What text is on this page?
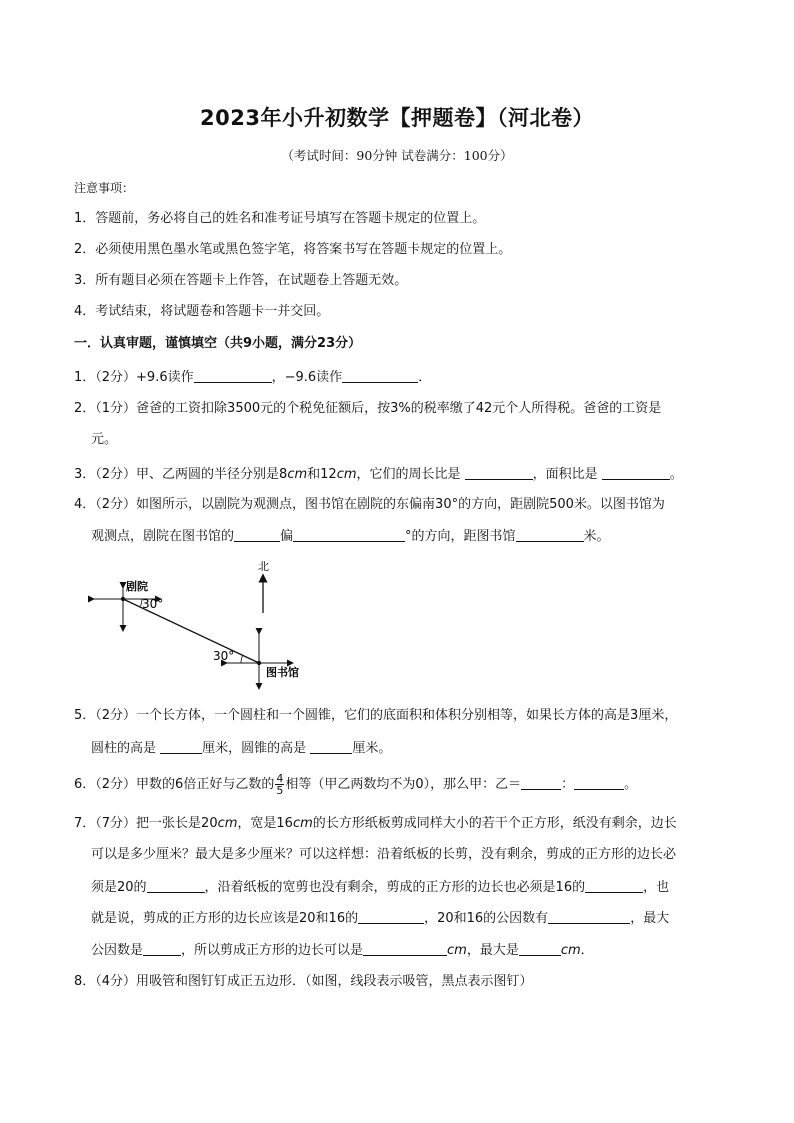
2023年小升初数学【押题卷】（河北卷）
（考试时间：90分钟 试卷满分：100分）
注意事项：
1．答题前，务必将自己的姓名和准考证号填写在答题卡规定的位置上。
2．必须使用黑色墨水笔或黑色签字笔，将答案书写在答题卡规定的位置上。
3．所有题目必须在答题卡上作答，在试题卷上答题无效。
4．考试结束，将试题卷和答题卡一并交回。
一．认真审题，谨慎填空（共9小题，满分23分）
1．（2分）+9.6读作	，−9.6读作	．
2．（1分）爸爸的工资扣除3500元的个税免征额后，按3%的税率缴了42元个人所得税。爸爸的工资是
元。
3．（2分）甲、乙两圆的半径分别是8cm和12cm，它们的周长比是	，面积比是	。
4．（2分）如图所示，以剧院为观测点，图书馆在剧院的东偏南30°的方向，距剧院500米。以图书馆为
观测点，剧院在图书馆的	偏	°的方向，距图书馆	米。
北
剧院
30°
图书馆
30°
5．（2分）一个长方体，一个圆柱和一个圆锥，它们的底面积和体积分别相等，如果长方体的高是3厘米，
圆柱的高是	厘米，圆锥的高是	厘米。
6．（2分）甲数的6倍正好与乙数的 $\frac{4}{5}$ 相等（甲乙两数均不为0），那么甲：乙＝	：	。
7．（7分）把一张长是20cm，宽是16cm的长方形纸板剪成同样大小的若干个正方形，纸没有剩余，边长
可以是多少厘米？最大是多少厘米？可以这样想：沿着纸板的长剪，没有剩余，剪成的正方形的边长必
须是20的	，沿着纸板的宽剪也没有剩余，剪成的正方形的边长也必须是16的	，也
就是说，剪成的正方形的边长应该是20和16的	，20和16的公因数有	，最大
公因数是	，所以剪成正方形的边长可以是	cm，最大是	cm．
8．（4分）用吸管和图钉钉成正五边形．（如图，线段表示吸管，黑点表示图钉）
